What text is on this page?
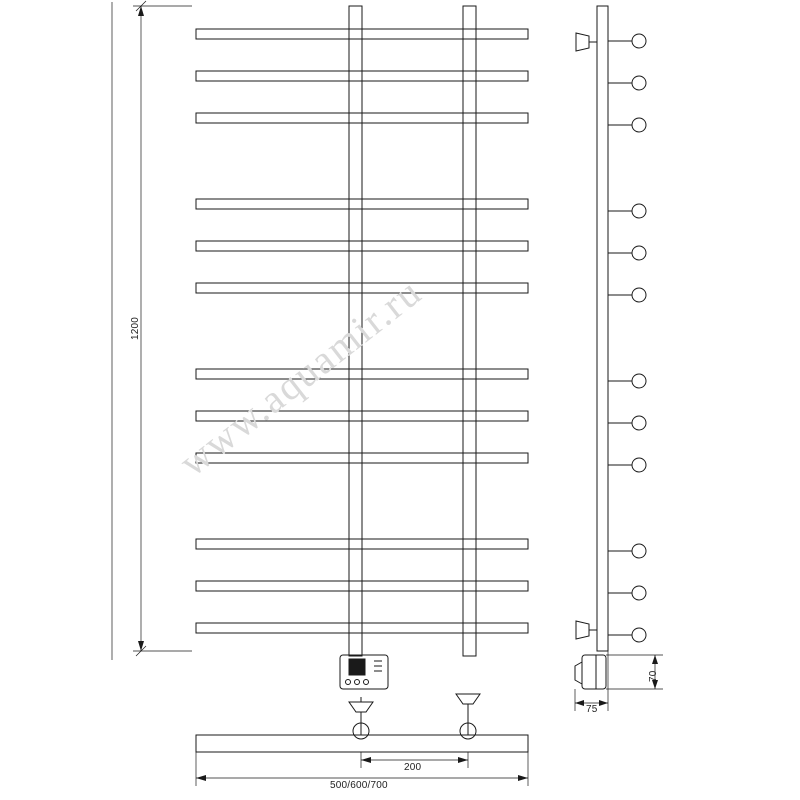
www.aquamir.ru
1200
200
500/600/700
75
70
